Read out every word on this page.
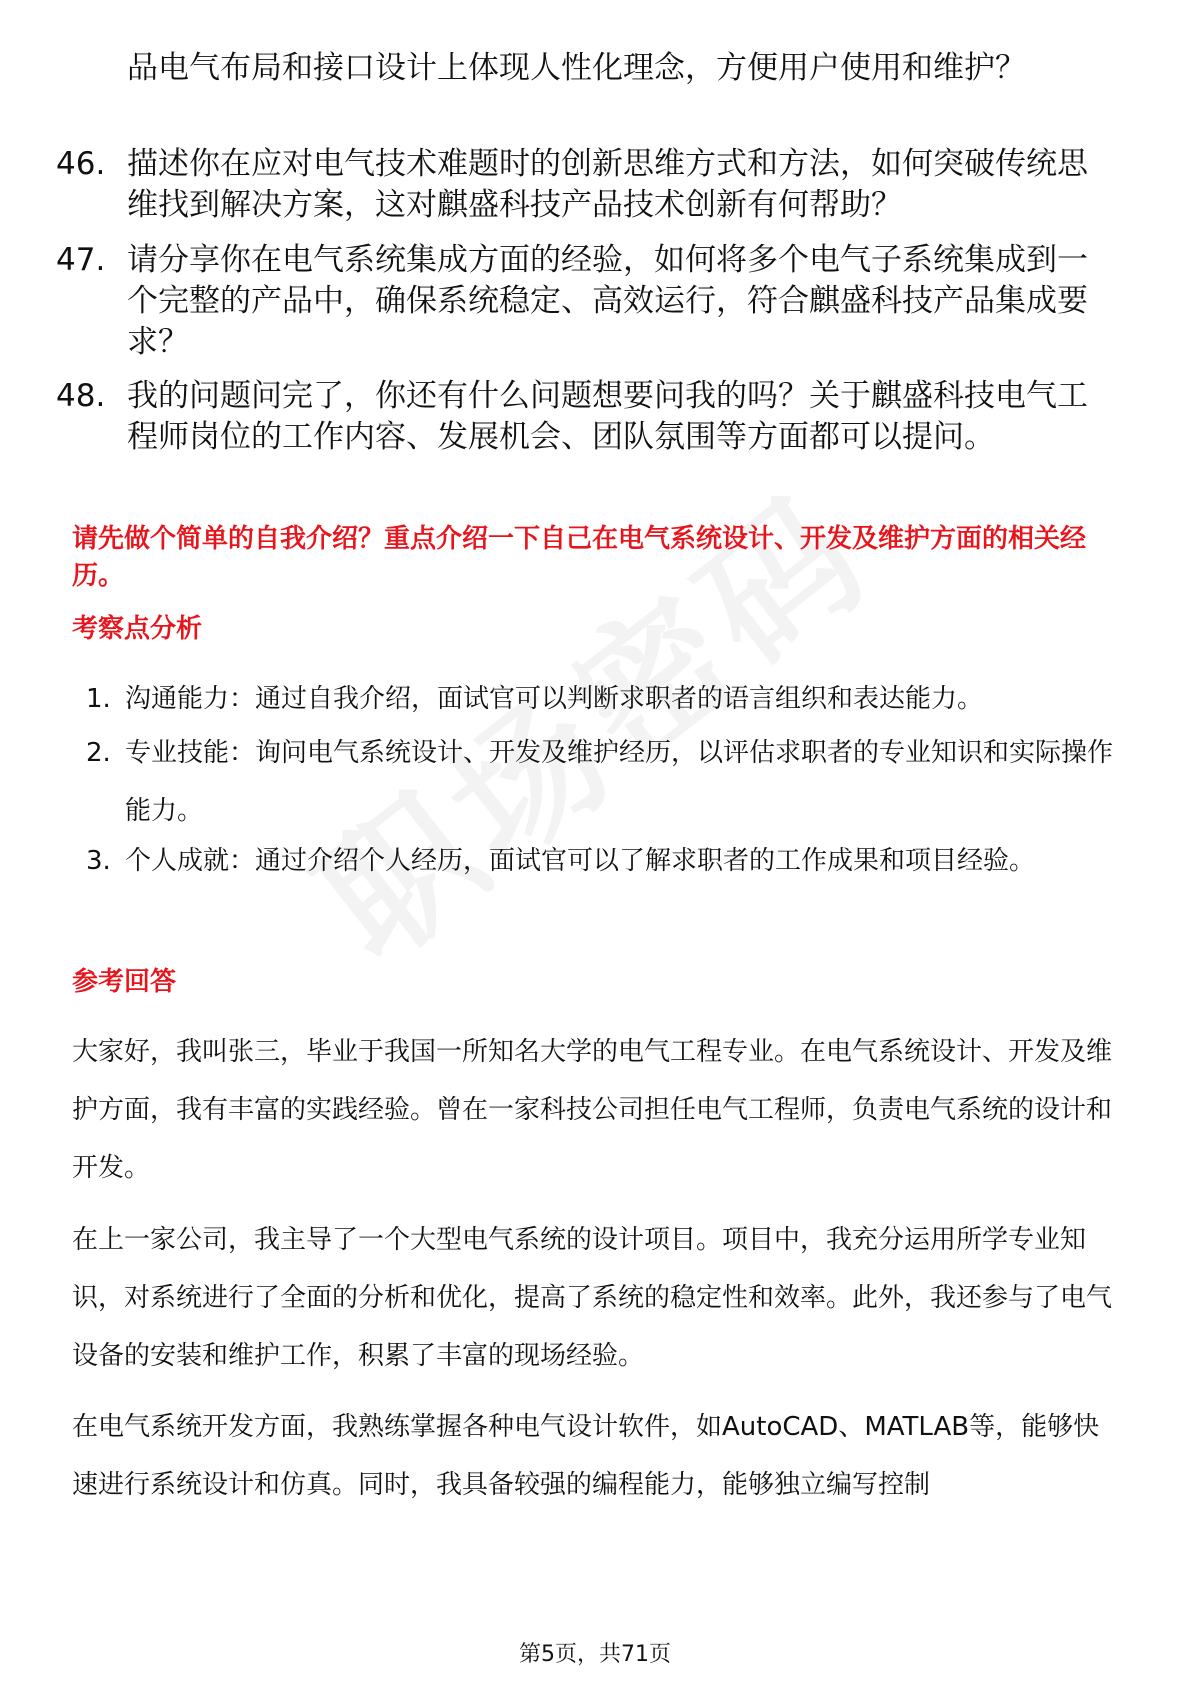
品电气布局和接口设计上体现人性化理念，方便用户使用和维护？
46. 描述你在应对电气技术难题时的创新思维方式和方法，如何突破传统思维找到解决方案，这对麒盛科技产品技术创新有何帮助？
47. 请分享你在电气系统集成方面的经验，如何将多个电气子系统集成到一个完整的产品中，确保系统稳定、高效运行，符合麒盛科技产品集成要求？
48. 我的问题问完了，你还有什么问题想要问我的吗？关于麒盛科技电气工程师岗位的工作内容、发展机会、团队氛围等方面都可以提问。
请先做个简单的自我介绍？重点介绍一下自己在电气系统设计、开发及维护方面的相关经历。
考察点分析
1. 沟通能力：通过自我介绍，面试官可以判断求职者的语言组织和表达能力。
2. 专业技能：询问电气系统设计、开发及维护经历，以评估求职者的专业知识和实际操作能力。
3. 个人成就：通过介绍个人经历，面试官可以了解求职者的工作成果和项目经验。
参考回答
大家好，我叫张三，毕业于我国一所知名大学的电气工程专业。在电气系统设计、开发及维护方面，我有丰富的实践经验。曾在一家科技公司担任电气工程师，负责电气系统的设计和开发。
在上一家公司，我主导了一个大型电气系统的设计项目。项目中，我充分运用所学专业知识，对系统进行了全面的分析和优化，提高了系统的稳定性和效率。此外，我还参与了电气设备的安装和维护工作，积累了丰富的现场经验。
在电气系统开发方面，我熟练掌握各种电气设计软件，如AutoCAD、MATLAB等，能够快速进行系统设计和仿真。同时，我具备较强的编程能力，能够独立编写控制
第5页，共71页
